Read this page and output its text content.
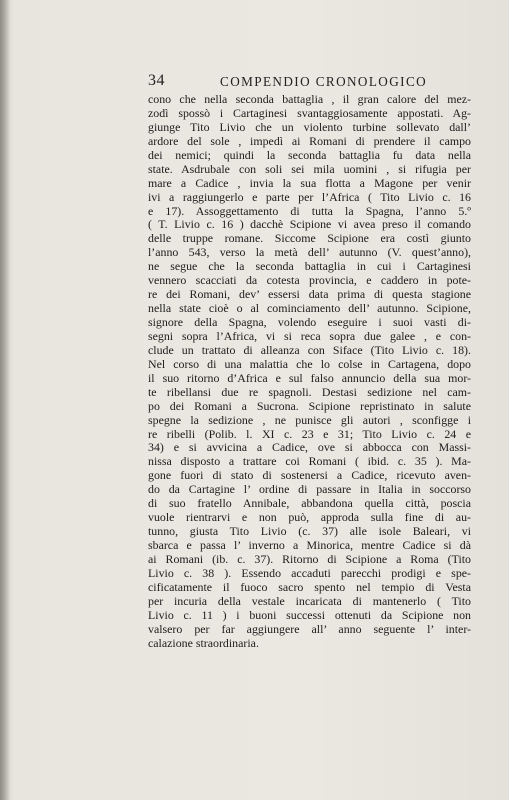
34	COMPENDIO CRONOLOGICO
cono che nella seconda battaglia , il gran calore del mez-
zodì spossò i Cartaginesi svantaggiosamente appostati. Ag-
giunge Tito Livio che un violento turbine sollevato dall’
ardore del sole , impedì ai Romani di prendere il campo
dei nemici; quindi la seconda battaglia fu data nella
state. Asdrubale con soli sei mila uomini , si rifugia per
mare a Cadice , invia la sua flotta a Magone per venir
ivi a raggiungerlo e parte per l’Africa ( Tito Livio c. 16
e 17). Assoggettamento di tutta la Spagna, l’anno 5.º
( T. Livio c. 16 ) dacchè Scipione vi avea preso il comando
delle truppe romane. Siccome Scipione era costì giunto
l’anno 543, verso la metà dell’ autunno (V. quest’anno),
ne segue che la seconda battaglia in cui i Cartaginesi
vennero scacciati da cotesta provincia, e caddero in pote-
re dei Romani, dev’ essersi data prima di questa stagione
nella state cioè o al cominciamento dell’ autunno. Scipione,
signore della Spagna, volendo eseguire i suoi vasti di-
segni sopra l’Africa, vi si reca sopra due galee , e con-
clude un trattato di alleanza con Siface (Tito Livio c. 18).
Nel corso di una malattia che lo colse in Cartagena, dopo
il suo ritorno d’Africa e sul falso annuncio della sua mor-
te ribellansi due re spagnoli. Destasi sedizione nel cam-
po dei Romani a Sucrona. Scipione repristinato in salute
spegne la sedizione , ne punisce gli autori , sconfigge i
re ribelli (Polib. l. XI c. 23 e 31; Tito Livio c. 24 e
34) e si avvicina a Cadice, ove si abbocca con Massi-
nissa disposto a trattare coi Romani ( ibid. c. 35 ). Ma-
gone fuori di stato di sostenersi a Cadice, ricevuto aven-
do da Cartagine l’ ordine di passare in Italia in soccorso
di suo fratello Annibale, abbandona quella città, poscia
vuole rientrarvi e non può, approda sulla fine di au-
tunno, giusta Tito Livio (c. 37) alle isole Baleari, vi
sbarca e passa l’ inverno a Minorica, mentre Cadice si dà
ai Romani (ib. c. 37). Ritorno di Scipione a Roma (Tito
Livio c. 38 ). Essendo accaduti parecchi prodigi e spe-
cificatamente il fuoco sacro spento nel tempio di Vesta
per incuria della vestale incaricata di mantenerlo ( Tito
Livio c. 11 ) i buoni successi ottenuti da Scipione non
valsero per far aggiungere all’ anno seguente l’ inter-
calazione straordinaria.
